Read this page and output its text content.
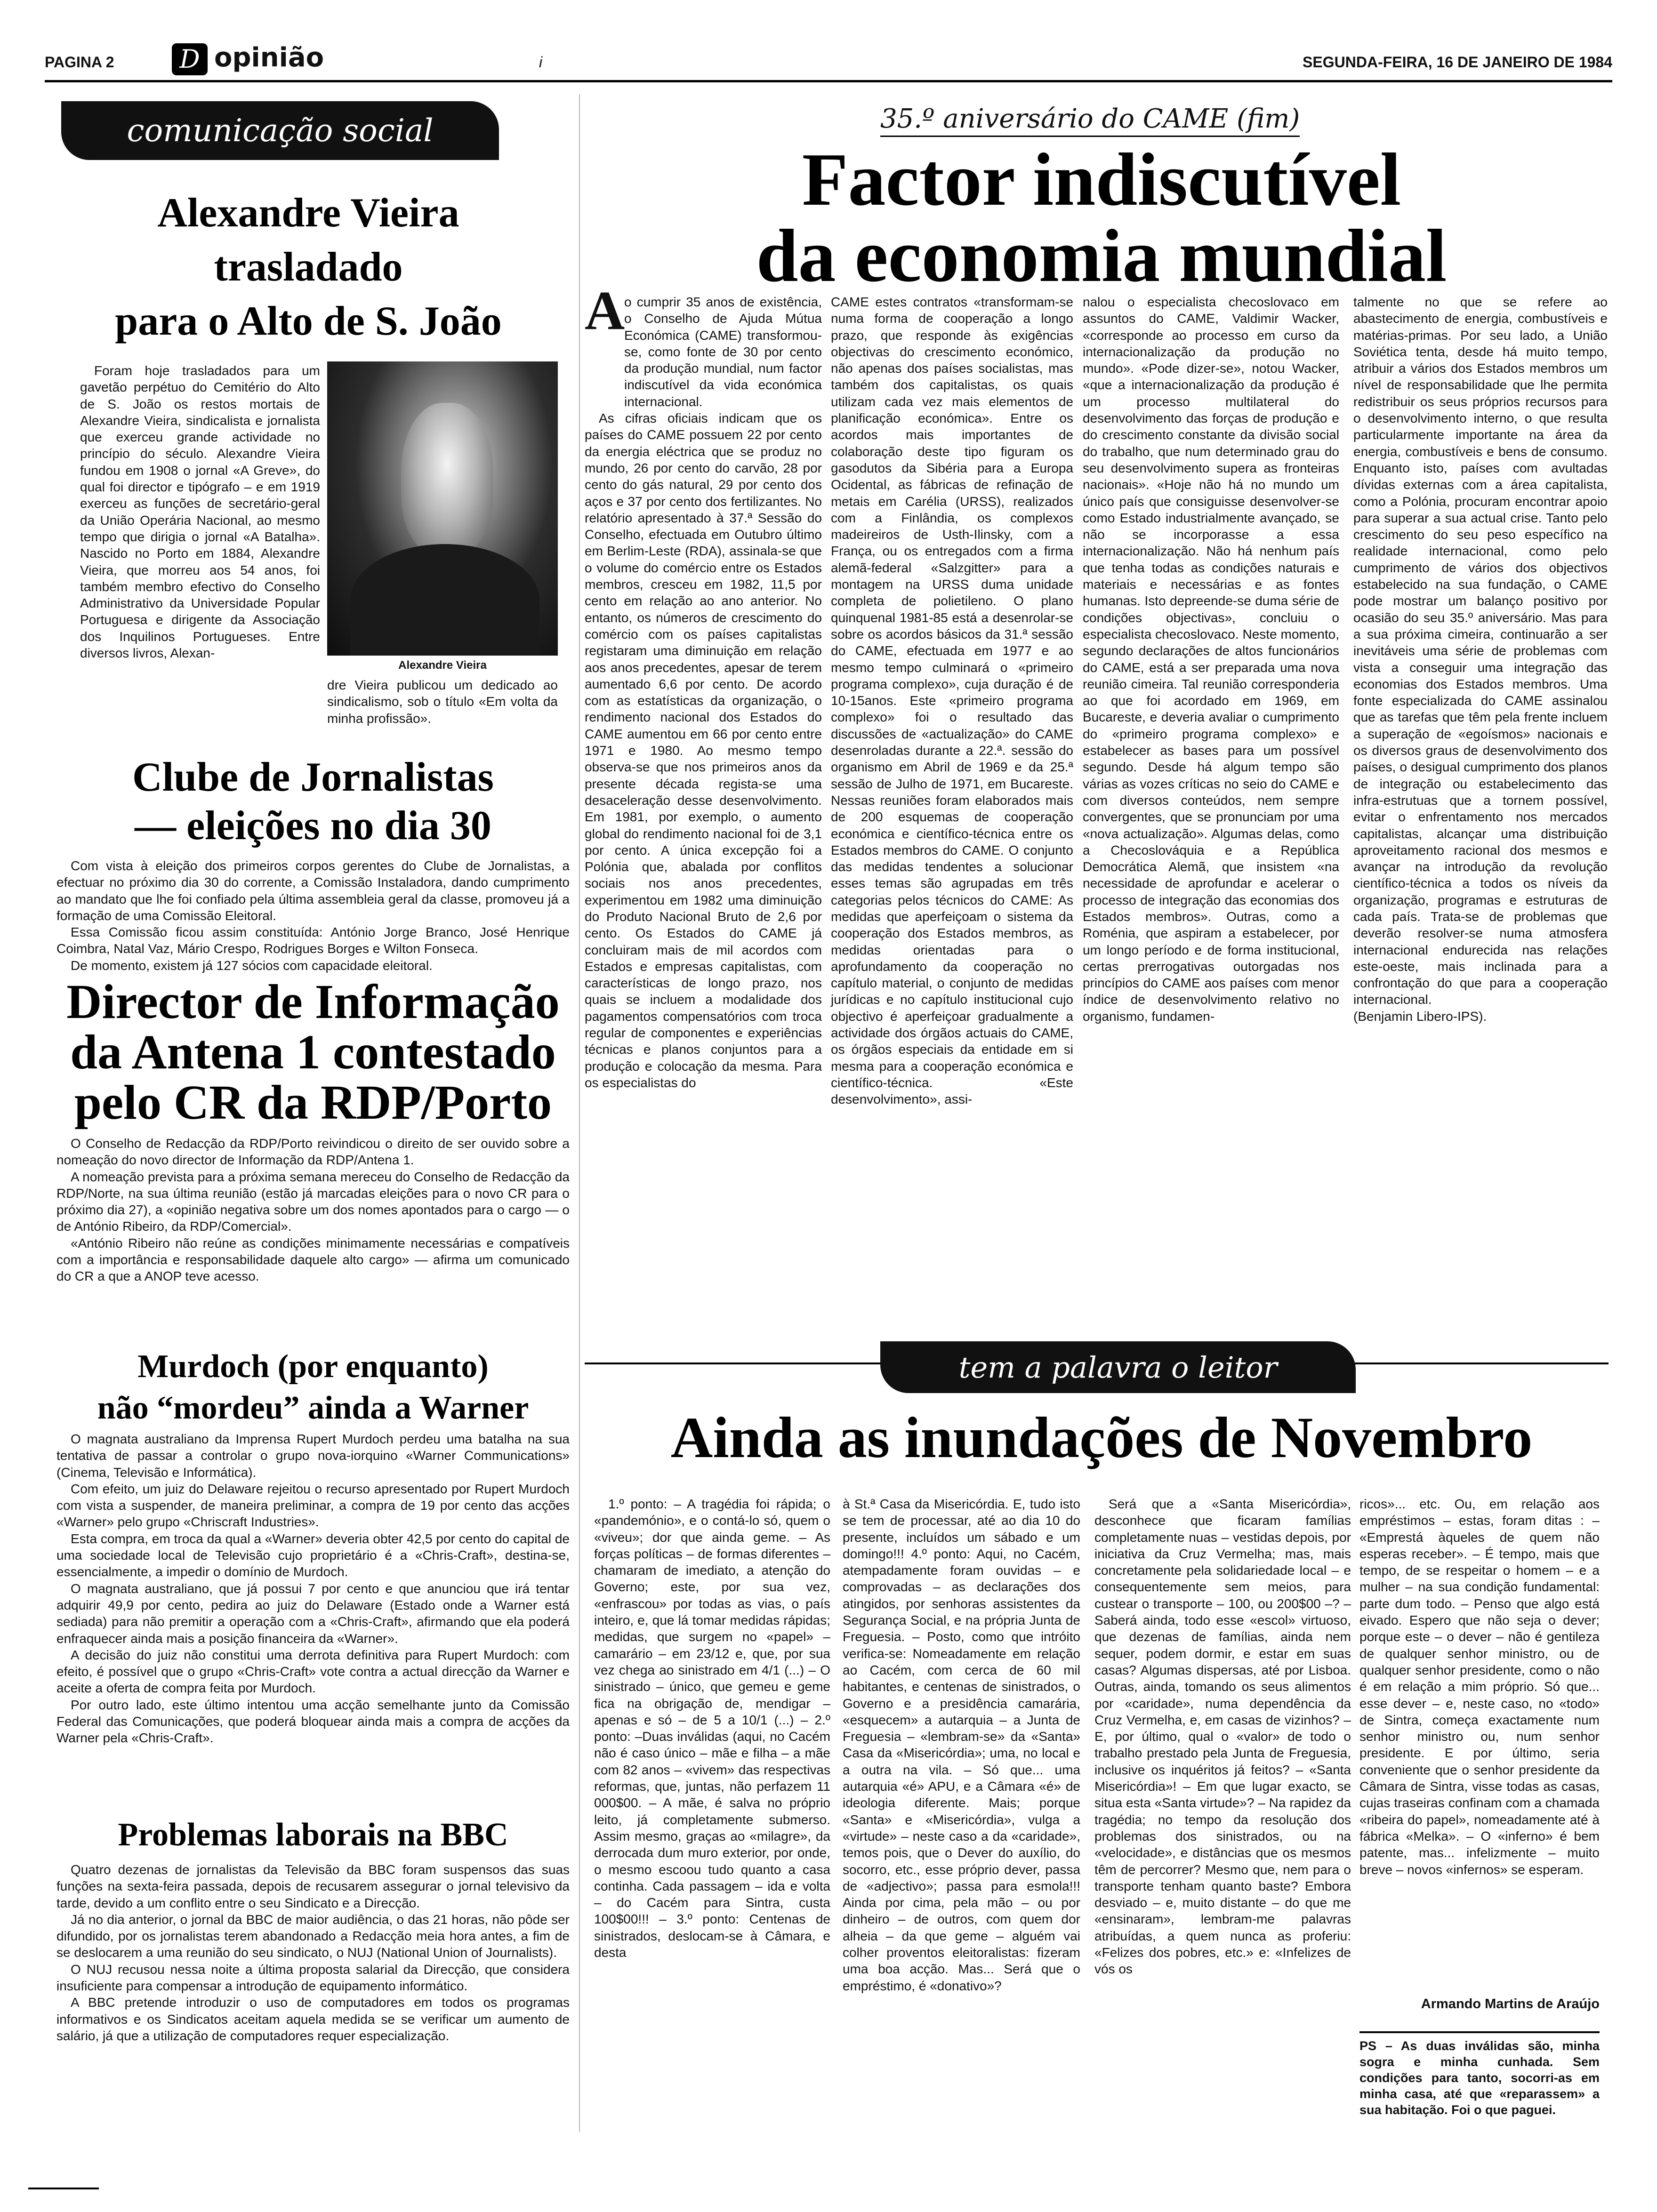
PAGINA 2	D opinião	i	SEGUNDA-FEIRA, 16 DE JANEIRO DE 1984
comunicação social
Alexandre Vieira
trasladado
para o Alto de S. João

Foram hoje trasladados para um gavetão perpétuo do Cemitério do Alto de S. João os restos mortais de Alexandre Vieira, sindicalista e jornalista que exerceu grande actividade no princípio do século. Alexandre Vieira fundou em 1908 o jornal «A Greve», do qual foi director e tipógrafo – e em 1919 exerceu as funções de secretário-geral da União Operária Nacional, ao mesmo tempo que dirigia o jornal «A Batalha». Nascido no Porto em 1884, Alexandre Vieira, que morreu aos 54 anos, foi também membro efectivo do Conselho Administrativo da Universidade Popular Portuguesa e dirigente da Associação dos Inquilinos Portugueses. Entre diversos livros, Alexan-

Alexandre Vieira

dre Vieira publicou um dedicado ao sindicalismo, sob o título «Em volta da minha profissão».

Clube de Jornalistas
— eleições no dia 30

Com vista à eleição dos primeiros corpos gerentes do Clube de Jornalistas, a efectuar no próximo dia 30 do corrente, a Comissão Instaladora, dando cumprimento ao mandato que lhe foi confiado pela última assembleia geral da classe, promoveu já a formação de uma Comissão Eleitoral.

Essa Comissão ficou assim constituída: António Jorge Branco, José Henrique Coimbra, Natal Vaz, Mário Crespo, Rodrigues Borges e Wilton Fonseca.

De momento, existem já 127 sócios com capacidade eleitoral.

Director de Informação
da Antena 1 contestado
pelo CR da RDP/Porto

O Conselho de Redacção da RDP/Porto reivindicou o direito de ser ouvido sobre a nomeação do novo director de Informação da RDP/Antena 1.

A nomeação prevista para a próxima semana mereceu do Conselho de Redacção da RDP/Norte, na sua última reunião (estão já marcadas eleições para o novo CR para o próximo dia 27), a «opinião negativa sobre um dos nomes apontados para o cargo — o de António Ribeiro, da RDP/Comercial».

«António Ribeiro não reúne as condições minimamente necessárias e compatíveis com a importância e responsabilidade daquele alto cargo» — afirma um comunicado do CR a que a ANOP teve acesso.

Murdoch (por enquanto)
não “mordeu” ainda a Warner

O magnata australiano da Imprensa Rupert Murdoch perdeu uma batalha na sua tentativa de passar a controlar o grupo nova-iorquino «Warner Communications» (Cinema, Televisão e Informática).

Com efeito, um juiz do Delaware rejeitou o recurso apresentado por Rupert Murdoch com vista a suspender, de maneira preliminar, a compra de 19 por cento das acções «Warner» pelo grupo «Chriscraft Industries».

Esta compra, em troca da qual a «Warner» deveria obter 42,5 por cento do capital de uma sociedade local de Televisão cujo proprietário é a «Chris-Craft», destina-se, essencialmente, a impedir o domínio de Murdoch.

O magnata australiano, que já possui 7 por cento e que anunciou que irá tentar adquirir 49,9 por cento, pedira ao juiz do Delaware (Estado onde a Warner está sediada) para não premitir a operação com a «Chris-Craft», afirmando que ela poderá enfraquecer ainda mais a posição financeira da «Warner».

A decisão do juiz não constitui uma derrota definitiva para Rupert Murdoch: com efeito, é possível que o grupo «Chris-Craft» vote contra a actual direcção da Warner e aceite a oferta de compra feita por Murdoch.

Por outro lado, este último intentou uma acção semelhante junto da Comissão Federal das Comunicações, que poderá bloquear ainda mais a compra de acções da Warner pela «Chris-Craft».

Problemas laborais na BBC

Quatro dezenas de jornalistas da Televisão da BBC foram suspensos das suas funções na sexta-feira passada, depois de recusarem assegurar o jornal televisivo da tarde, devido a um conflito entre o seu Sindicato e a Direcção.

Já no dia anterior, o jornal da BBC de maior audiência, o das 21 horas, não pôde ser difundido, por os jornalistas terem abandonado a Redacção meia hora antes, a fim de se deslocarem a uma reunião do seu sindicato, o NUJ (National Union of Journalists).

O NUJ recusou nessa noite a última proposta salarial da Direcção, que considera insuficiente para compensar a introdução de equipamento informático.

A BBC pretende introduzir o uso de computadores em todos os programas informativos e os Sindicatos aceitam aquela medida se se verificar um aumento de salário, já que a utilização de computadores requer especialização.

35.º aniversário do CAME (fim)
Factor indiscutível
da economia mundial
A

o cumprir 35 anos de existência, o Conselho de Ajuda Mútua Económica (CAME) transformou-se, como fonte de 30 por cento da produção mundial, num factor indiscutível da vida económica internacional.

As cifras oficiais indicam que os países do CAME possuem 22 por cento da energia eléctrica que se produz no mundo, 26 por cento do carvão, 28 por cento do gás natural, 29 por cento dos aços e 37 por cento dos fertilizantes. No relatório apresentado à 37.ª Sessão do Conselho, efectuada em Outubro último em Berlim-Leste (RDA), assinala-se que o volume do comércio entre os Estados membros, cresceu em 1982, 11,5 por cento em relação ao ano anterior. No entanto, os números de crescimento do comércio com os países capitalistas registaram uma diminuição em relação aos anos precedentes, apesar de terem aumentado 6,6 por cento. De acordo com as estatísticas da organização, o rendimento nacional dos Estados do CAME aumentou em 66 por cento entre 1971 e 1980. Ao mesmo tempo observa-se que nos primeiros anos da presente década regista-se uma desaceleração desse desenvolvimento. Em 1981, por exemplo, o aumento global do rendimento nacional foi de 3,1 por cento. A única excepção foi a Polónia que, abalada por conflitos sociais nos anos precedentes, experimentou em 1982 uma diminuição do Produto Nacional Bruto de 2,6 por cento. Os Estados do CAME já concluiram mais de mil acordos com Estados e empresas capitalistas, com características de longo prazo, nos quais se incluem a modalidade dos pagamentos compensatórios com troca regular de componentes e experiências técnicas e planos conjuntos para a produção e colocação da mesma. Para os especialistas do

CAME estes contratos «transformam-se numa forma de cooperação a longo prazo, que responde às exigências objectivas do crescimento económico, não apenas dos países socialistas, mas também dos capitalistas, os quais utilizam cada vez mais elementos de planificação económica». Entre os acordos mais importantes de colaboração deste tipo figuram os gasodutos da Sibéria para a Europa Ocidental, as fábricas de refinação de metais em Carélia (URSS), realizados com a Finlândia, os complexos madeireiros de Usth-Ilinsky, com a França, ou os entregados com a firma alemã-federal «Salzgitter» para a montagem na URSS duma unidade completa de polietileno. O plano quinquenal 1981-85 está a desenrolar-se sobre os acordos básicos da 31.ª sessão do CAME, efectuada em 1977 e ao mesmo tempo culminará o «primeiro programa complexo», cuja duração é de 10-15anos. Este «primeiro programa complexo» foi o resultado das discussões de «actualização» do CAME desenroladas durante a 22.ª. sessão do organismo em Abril de 1969 e da 25.ª sessão de Julho de 1971, em Bucareste. Nessas reuniões foram elaborados mais de 200 esquemas de cooperação económica e científico-técnica entre os Estados membros do CAME. O conjunto das medidas tendentes a solucionar esses temas são agrupadas em três categorias pelos técnicos do CAME: As medidas que aperfeiçoam o sistema da cooperação dos Estados membros, as medidas orientadas para o aprofundamento da cooperação no capítulo material, o conjunto de medidas jurídicas e no capítulo institucional cujo objectivo é aperfeiçoar gradualmente a actividade dos órgãos actuais do CAME, os órgãos especiais da entidade em si mesma para a cooperação económica e científico-técnica. «Este desenvolvimento», assi-

nalou o especialista checoslovaco em assuntos do CAME, Valdimir Wacker, «corresponde ao processo em curso da internacionalização da produção no mundo». «Pode dizer-se», notou Wacker, «que a internacionalização da produção é um processo multilateral do desenvolvimento das forças de produção e do crescimento constante da divisão social do trabalho, que num determinado grau do seu desenvolvimento supera as fronteiras nacionais». «Hoje não há no mundo um único país que consiguisse desenvolver-se como Estado industrialmente avançado, se não se incorporasse a essa internacionalização. Não há nenhum país que tenha todas as condições naturais e materiais e necessárias e as fontes humanas. Isto depreende-se duma série de condições objectivas», concluiu o especialista checoslovaco. Neste momento, segundo declarações de altos funcionários do CAME, está a ser preparada uma nova reunião cimeira. Tal reunião corresponderia ao que foi acordado em 1969, em Bucareste, e deveria avaliar o cumprimento do «primeiro programa complexo» e estabelecer as bases para um possível segundo. Desde há algum tempo são várias as vozes críticas no seio do CAME e com diversos conteúdos, nem sempre convergentes, que se pronunciam por uma «nova actualização». Algumas delas, como a Checoslováquia e a República Democrática Alemã, que insistem «na necessidade de aprofundar e acelerar o processo de integração das economias dos Estados membros». Outras, como a Roménia, que aspiram a estabelecer, por um longo período e de forma institucional, certas prerrogativas outorgadas nos princípios do CAME aos países com menor índice de desenvolvimento relativo no organismo, fundamen-

talmente no que se refere ao abastecimento de energia, combustíveis e matérias-primas. Por seu lado, a União Soviética tenta, desde há muito tempo, atribuir a vários dos Estados membros um nível de responsabilidade que lhe permita redistribuir os seus próprios recursos para o desenvolvimento interno, o que resulta particularmente importante na área da energia, combustíveis e bens de consumo. Enquanto isto, países com avultadas dívidas externas com a área capitalista, como a Polónia, procuram encontrar apoio para superar a sua actual crise. Tanto pelo crescimento do seu peso específico na realidade internacional, como pelo cumprimento de vários dos objectivos estabelecido na sua fundação, o CAME pode mostrar um balanço positivo por ocasião do seu 35.º aniversário. Mas para a sua próxima cimeira, continuarão a ser inevitáveis uma série de problemas com vista a conseguir uma integração das economias dos Estados membros. Uma fonte especializada do CAME assinalou que as tarefas que têm pela frente incluem a superação de «egoísmos» nacionais e os diversos graus de desenvolvimento dos países, o desigual cumprimento dos planos de integração ou estabelecimento das infra-estrutuas que a tornem possível, evitar o enfrentamento nos mercados capitalistas, alcançar uma distribuição aproveitamento racional dos mesmos e avançar na introdução da revolução científico-técnica a todos os níveis da organização, programas e estruturas de cada país. Trata-se de problemas que deverão resolver-se numa atmosfera internacional endurecida nas relações este-oeste, mais inclinada para a confrontação do que para a cooperação internacional.

(Benjamin Libero-IPS).

tem a palavra o leitor
Ainda as inundações de Novembro

1.º ponto: – A tragédia foi rápida; o «pandemónio», e o contá-lo só, quem o «viveu»; dor que ainda geme. – As forças políticas – de formas diferentes – chamaram de imediato, a atenção do Governo; este, por sua vez, «enfrascou» por todas as vias, o país inteiro, e, que lá tomar medidas rápidas; medidas, que surgem no «papel» – camarário – em 23/12 e, que, por sua vez chega ao sinistrado em 4/1 (...) – O sinistrado – único, que gemeu e geme fica na obrigação de, mendigar – apenas e só – de 5 a 10/1 (...) – 2.º ponto: –Duas inválidas (aqui, no Cacém não é caso único – mãe e filha – a mãe com 82 anos – «vivem» das respectivas reformas, que, juntas, não perfazem 11 000$00. – A mãe, é salva no próprio leito, já completamente submerso. Assim mesmo, graças ao «milagre», da derrocada dum muro exterior, por onde, o mesmo escoou tudo quanto a casa continha. Cada passagem – ida e volta – do Cacém para Sintra, custa 100$00!!! – 3.º ponto: Centenas de sinistrados, deslocam-se à Câmara, e desta

à St.ª Casa da Misericórdia. E, tudo isto se tem de processar, até ao dia 10 do presente, incluídos um sábado e um domingo!!! 4.º ponto: Aqui, no Cacém, atempadamente foram ouvidas – e comprovadas – as declarações dos atingidos, por senhoras assistentes da Segurança Social, e na própria Junta de Freguesia. – Posto, como que intróito verifica-se: Nomeadamente em relação ao Cacém, com cerca de 60 mil habitantes, e centenas de sinistrados, o Governo e a presidência camarária, «esquecem» a autarquia – a Junta de Freguesia – «lembram-se» da «Santa» Casa da «Misericórdia»; uma, no local e a outra na vila. – Só que... uma autarquia «é» APU, e a Câmara «é» de ideologia diferente. Mais; porque «Santa» e «Misericórdia», vulga a «virtude» – neste caso a da «caridade», temos pois, que o Dever do auxílio, do socorro, etc., esse próprio dever, passa de «adjectivo»; passa para esmola!!! Ainda por cima, pela mão – ou por dinheiro – de outros, com quem dor alheia – da que geme – alguém vai colher proventos eleitoralistas: fizeram uma boa acção. Mas... Será que o empréstimo, é «donativo»?

Será que a «Santa Misericórdia», desconhece que ficaram famílias completamente nuas – vestidas depois, por iniciativa da Cruz Vermelha; mas, mais concretamente pela solidariedade local – e consequentemente sem meios, para custear o transporte – 100, ou 200$00 –? – Saberá ainda, todo esse «escol» virtuoso, que dezenas de famílias, ainda nem sequer, podem dormir, e estar em suas casas? Algumas dispersas, até por Lisboa. Outras, ainda, tomando os seus alimentos por «caridade», numa dependência da Cruz Vermelha, e, em casas de vizinhos? – E, por último, qual o «valor» de todo o trabalho prestado pela Junta de Freguesia, inclusive os inquéritos já feitos? – «Santa Misericórdia»! – Em que lugar exacto, se situa esta «Santa virtude»? – Na rapidez da tragédia; no tempo da resolução dos problemas dos sinistrados, ou na «velocidade», e distâncias que os mesmos têm de percorrer? Mesmo que, nem para o transporte tenham quanto baste? Embora desviado – e, muito distante – do que me «ensinaram», lembram-me palavras atribuídas, a quem nunca as proferiu: «Felizes dos pobres, etc.» e: «Infelizes de vós os

ricos»... etc. Ou, em relação aos empréstimos – estas, foram ditas : – «Emprestá àqueles de quem não esperas receber». – É tempo, mais que tempo, de se respeitar o homem – e a mulher – na sua condição fundamental: parte dum todo. – Penso que algo está eivado. Espero que não seja o dever; porque este – o dever – não é gentileza de qualquer senhor ministro, ou de qualquer senhor presidente, como o não é em relação a mim próprio. Só que... esse dever – e, neste caso, no «todo» de Sintra, começa exactamente num senhor ministro ou, num senhor presidente. E por último, seria conveniente que o senhor presidente da Câmara de Sintra, visse todas as casas, cujas traseiras confinam com a chamada «ribeira do papel», nomeadamente até à fábrica «Melka». – O «inferno» é bem patente, mas... infelizmente – muito breve – novos «infernos» se esperam.

Armando Martins de Araújo

PS – As duas inválidas são, minha sogra e minha cunhada. Sem condições para tanto, socorri-as em minha casa, até que «reparassem» a sua habitação. Foi o que paguei.
